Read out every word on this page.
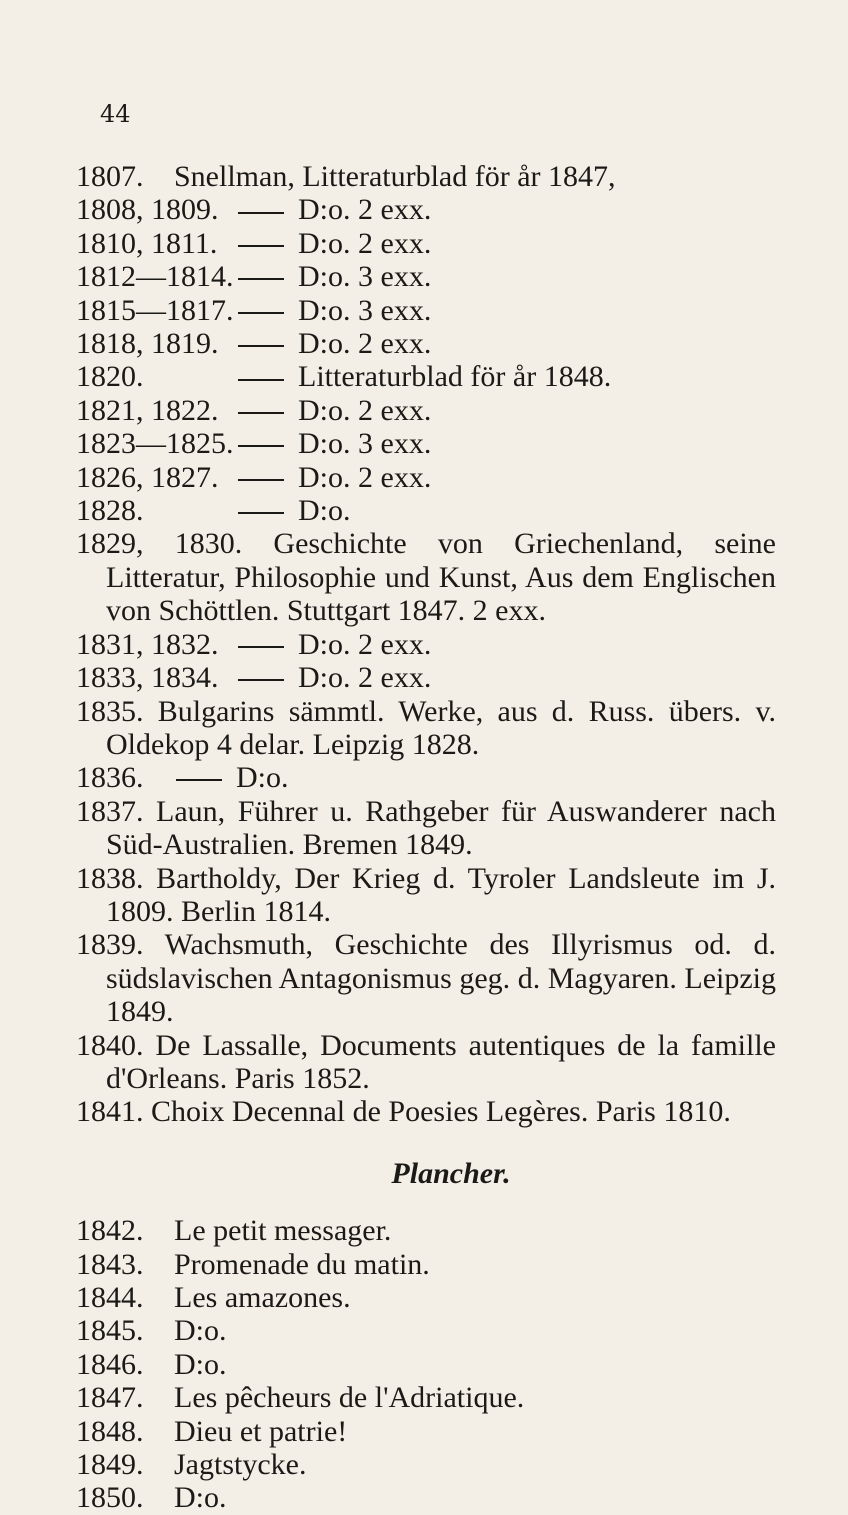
44
1807.	Snellman, Litteraturblad för år 1847,
1808, 1809.	D:o. 2 exx.
1810, 1811.	D:o. 2 exx.
1812—1814.	D:o. 3 exx.
1815—1817.	D:o. 3 exx.
1818, 1819.	D:o. 2 exx.
1820.	Litteraturblad för år 1848.
1821, 1822.	D:o. 2 exx.
1823—1825.	D:o. 3 exx.
1826, 1827.	D:o. 2 exx.
1828.	D:o.
1829, 1830. Geschichte von Griechenland, seine Litteratur, Philosophie und Kunst, Aus dem Englischen von Schöttlen. Stuttgart 1847. 2 exx.
1831, 1832.	D:o. 2 exx.
1833, 1834.	D:o. 2 exx.
1835. Bulgarins sämmtl. Werke, aus d. Russ. übers. v. Oldekop 4 delar. Leipzig 1828.
1836.	D:o.
1837. Laun, Führer u. Rathgeber für Auswanderer nach Süd-Australien. Bremen 1849.
1838. Bartholdy, Der Krieg d. Tyroler Landsleute im J. 1809. Berlin 1814.
1839. Wachsmuth, Geschichte des Illyrismus od. d. südslavischen Antagonismus geg. d. Magyaren. Leipzig 1849.
1840. De Lassalle, Documents autentiques de la famille d'Orleans. Paris 1852.
1841. Choix Decennal de Poesies Legères. Paris 1810.
Plancher.
1842.	Le petit messager.
1843.	Promenade du matin.
1844.	Les amazones.
1845.	D:o.
1846.	D:o.
1847.	Les pêcheurs de l'Adriatique.
1848.	Dieu et patrie!
1849.	Jagtstycke.
1850.	D:o.
